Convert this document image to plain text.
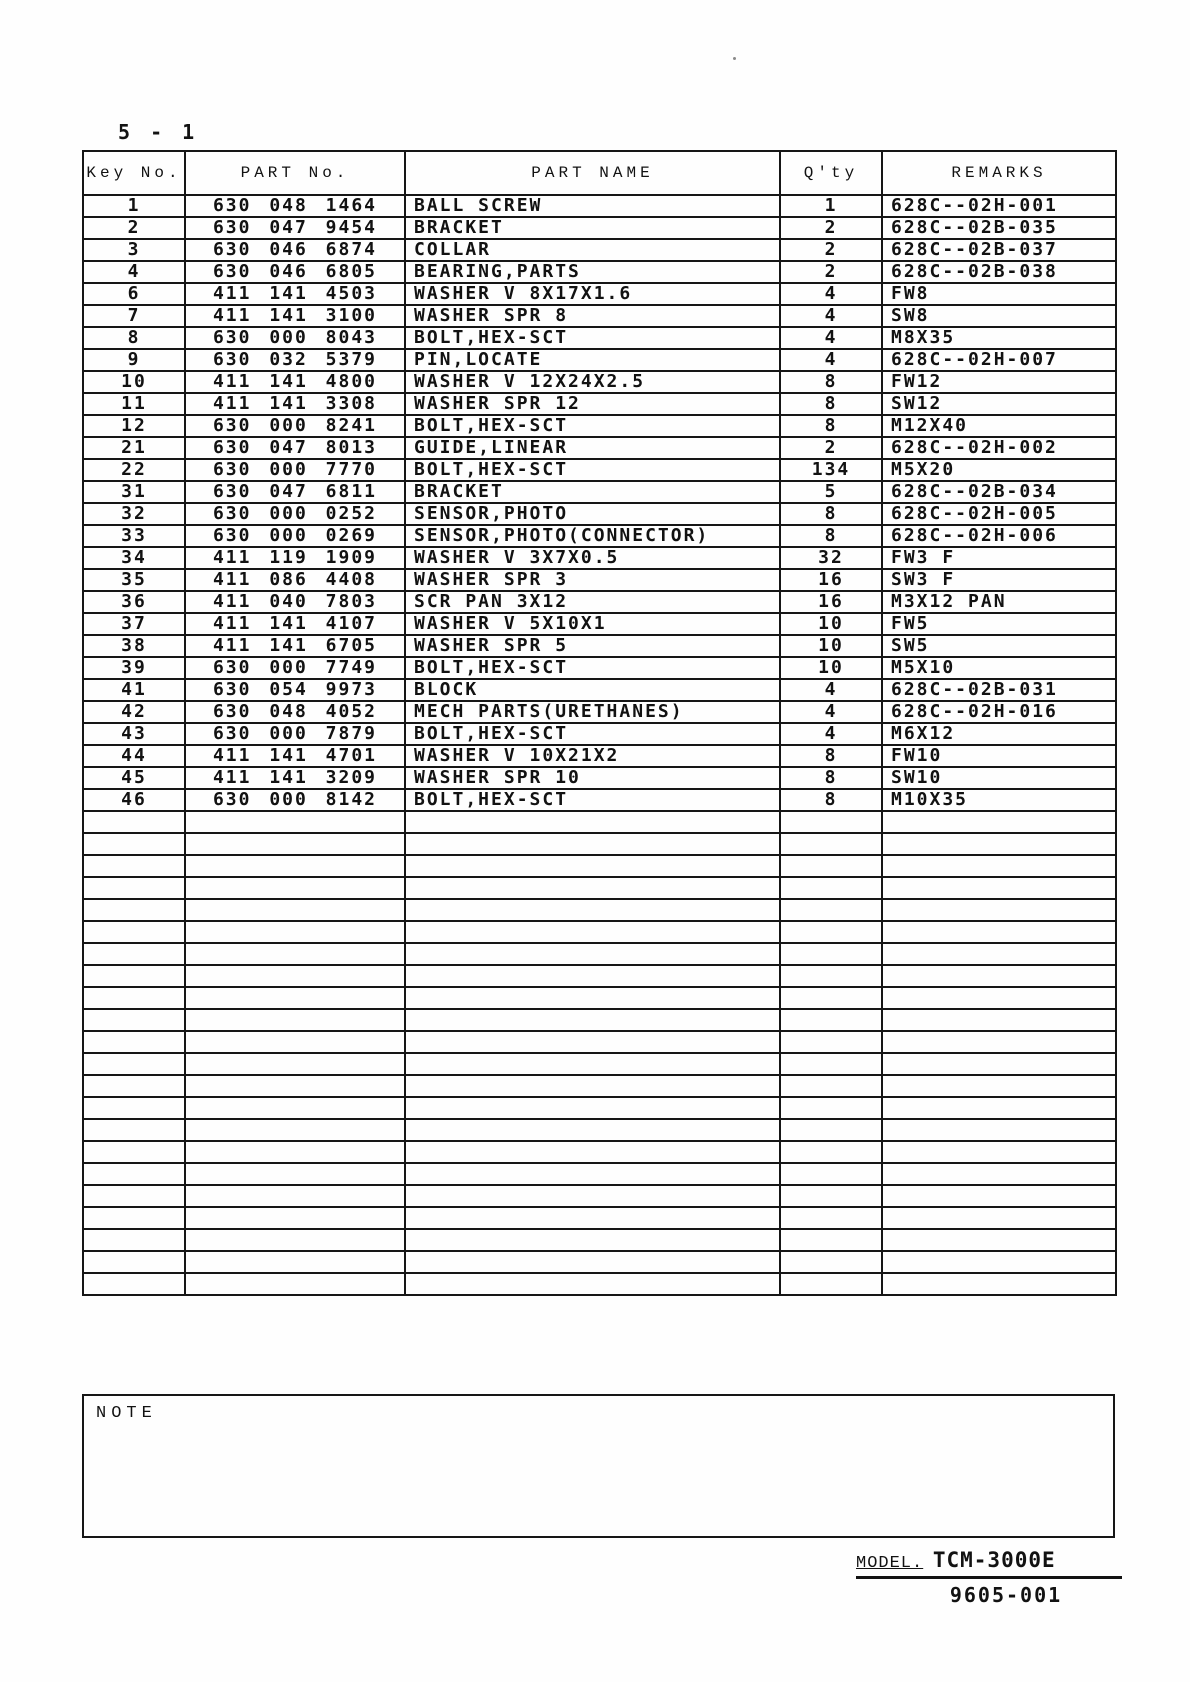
5 - 1
Key No.	PART No.	PART NAME	Q'ty	REMARKS
1	630 048 1464	BALL SCREW	1	628C--02H-001
2	630 047 9454	BRACKET	2	628C--02B-035
3	630 046 6874	COLLAR	2	628C--02B-037
4	630 046 6805	BEARING,PARTS	2	628C--02B-038
6	411 141 4503	WASHER V 8X17X1.6	4	FW8
7	411 141 3100	WASHER SPR 8	4	SW8
8	630 000 8043	BOLT,HEX-SCT	4	M8X35
9	630 032 5379	PIN,LOCATE	4	628C--02H-007
10	411 141 4800	WASHER V 12X24X2.5	8	FW12
11	411 141 3308	WASHER SPR 12	8	SW12
12	630 000 8241	BOLT,HEX-SCT	8	M12X40
21	630 047 8013	GUIDE,LINEAR	2	628C--02H-002
22	630 000 7770	BOLT,HEX-SCT	134	M5X20
31	630 047 6811	BRACKET	5	628C--02B-034
32	630 000 0252	SENSOR,PHOTO	8	628C--02H-005
33	630 000 0269	SENSOR,PHOTO(CONNECTOR)	8	628C--02H-006
34	411 119 1909	WASHER V 3X7X0.5	32	FW3 F
35	411 086 4408	WASHER SPR 3	16	SW3 F
36	411 040 7803	SCR PAN 3X12	16	M3X12 PAN
37	411 141 4107	WASHER V 5X10X1	10	FW5
38	411 141 6705	WASHER SPR 5	10	SW5
39	630 000 7749	BOLT,HEX-SCT	10	M5X10
41	630 054 9973	BLOCK	4	628C--02B-031
42	630 048 4052	MECH PARTS(URETHANES)	4	628C--02H-016
43	630 000 7879	BOLT,HEX-SCT	4	M6X12
44	411 141 4701	WASHER V 10X21X2	8	FW10
45	411 141 3209	WASHER SPR 10	8	SW10
46	630 000 8142	BOLT,HEX-SCT	8	M10X35

NOTE
MODEL. TCM-3000E
9605-001
